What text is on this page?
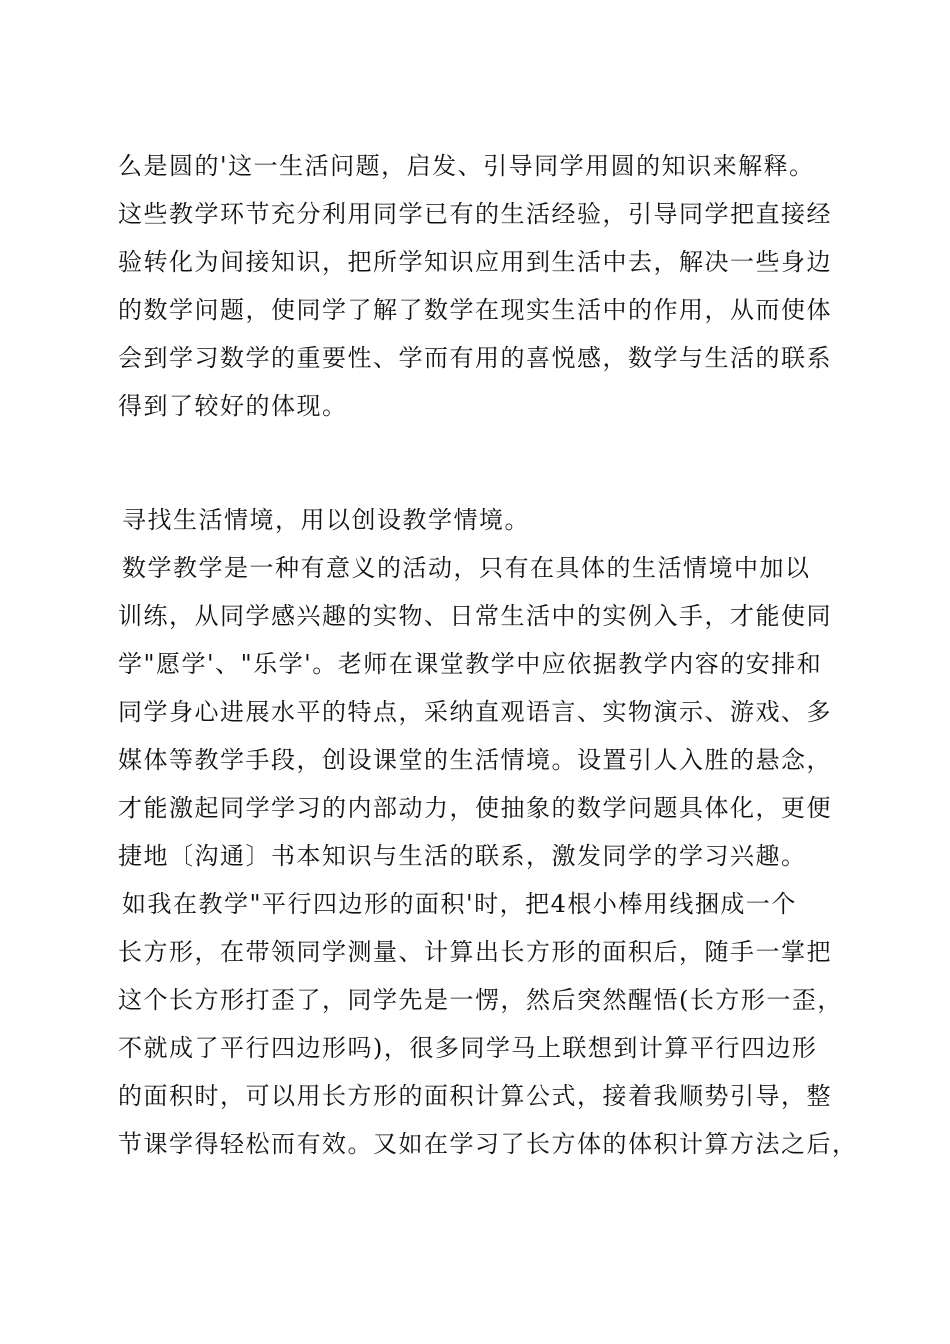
么是圆的'这一生活问题，启发、引导同学用圆的知识来解释。
这些教学环节充分利用同学已有的生活经验，引导同学把直接经
验转化为间接知识，把所学知识应用到生活中去，解决一些身边
的数学问题，使同学了解了数学在现实生活中的作用，从而使体
会到学习数学的重要性、学而有用的喜悦感，数学与生活的联系
得到了较好的体现。
寻找生活情境，用以创设教学情境。
数学教学是一种有意义的活动，只有在具体的生活情境中加以
训练，从同学感兴趣的实物、日常生活中的实例入手，才能使同
学"愿学'、"乐学'。老师在课堂教学中应依据教学内容的安排和
同学身心进展水平的特点，采纳直观语言、实物演示、游戏、多
媒体等教学手段，创设课堂的生活情境。设置引人入胜的悬念，
才能激起同学学习的内部动力，使抽象的数学问题具体化，更便
捷地〔沟通〕书本知识与生活的联系，激发同学的学习兴趣。
如我在教学"平行四边形的面积'时，把4根小棒用线捆成一个
长方形，在带领同学测量、计算出长方形的面积后，随手一掌把
这个长方形打歪了，同学先是一愣，然后突然醒悟(长方形一歪，
不就成了平行四边形吗)，很多同学马上联想到计算平行四边形
的面积时，可以用长方形的面积计算公式，接着我顺势引导，整
节课学得轻松而有效。又如在学习了长方体的体积计算方法之后，
